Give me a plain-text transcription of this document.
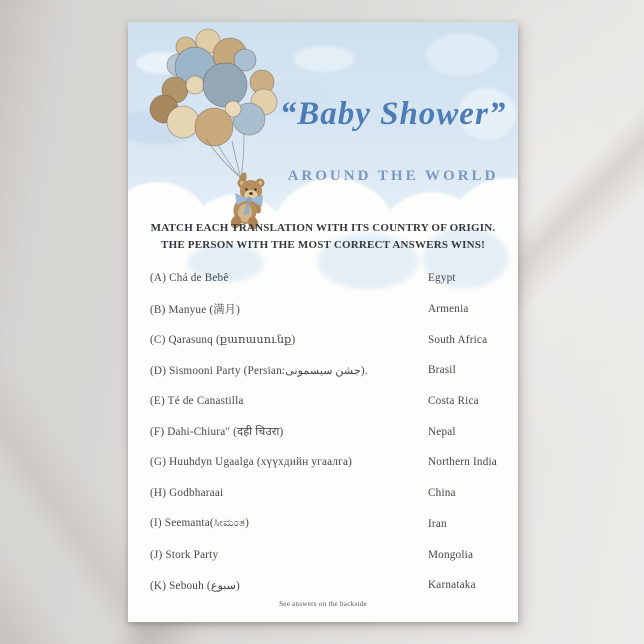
“Baby Shower”
AROUND THE WORLD
MATCH EACH TRANSLATION WITH ITS COUNTRY OF ORIGIN.
THE PERSON WITH THE MOST CORRECT ANSWERS WINS!
(A) Chá de Bebê	Egypt
(B) Manyue (满月)	Armenia
(C) Qarasunq (քառասունք)	South Africa
(D) Sismooni Party (Persian:جشن سیسمونی).	Brasil
(E) Té de Canastilla	Costa Rica
(F) Dahi-Chiura" (दही चिउरा)	Nepal
(G) Huuhdyn Ugaalga (хүүхдийн угаалга)	Northern India
(H) Godbharaai	China
(I) Seemanta(ಸೀಮಂತ)	Iran
(J) Stork Party	Mongolia
(K) Sebouh (سبوع)	Karnataka
See answers on the backside
